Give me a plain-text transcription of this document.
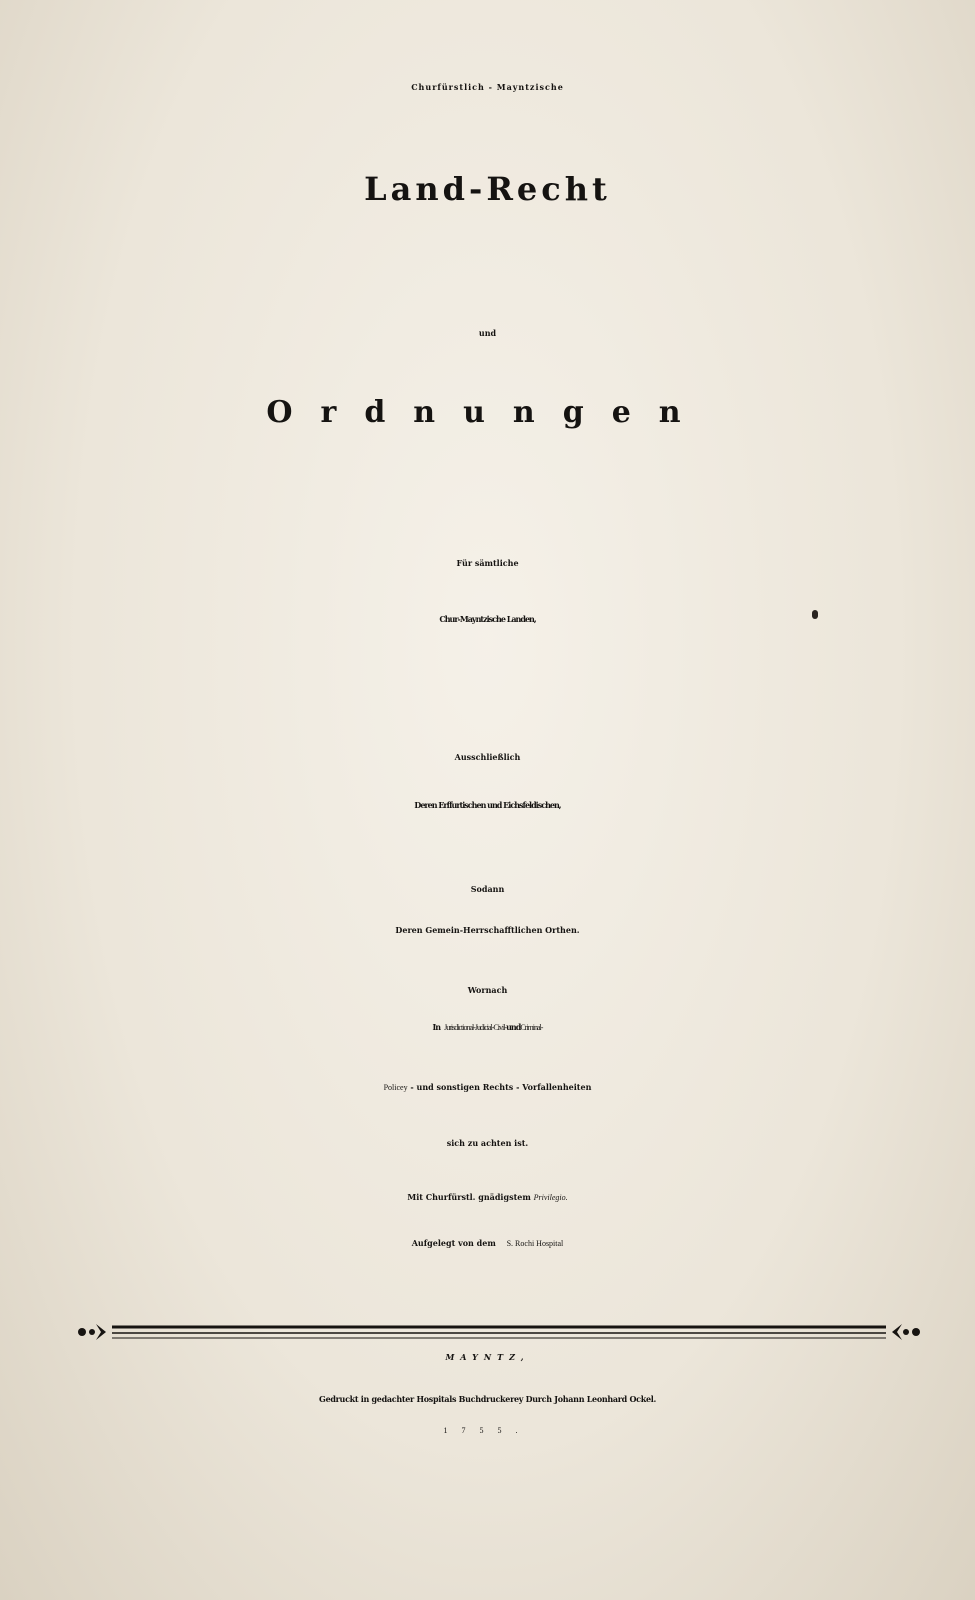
Churfürstlich - Mayntzische
Land-Recht
und
Ordnungen
Für sämtliche
Chur-Mayntzische Landen,
Ausschließlich
Deren Erffurtischen und Eichsfeldischen,
Sodann
Deren Gemein-Herrschafftlichen Orthen.
Wornach
In Jurisdictional-Judicial-Civil-undCriminal-
Policey - und sonstigen Rechts - Vorfallenheiten
sich zu achten ist.
Mit Churfürstl. gnädigstem Privilegio.
Aufgelegt von dem S. Rochi Hospital
MAYNTZ,
Gedruckt in gedachter Hospitals Buchdruckerey Durch Johann Leonhard Ockel.
1755.
